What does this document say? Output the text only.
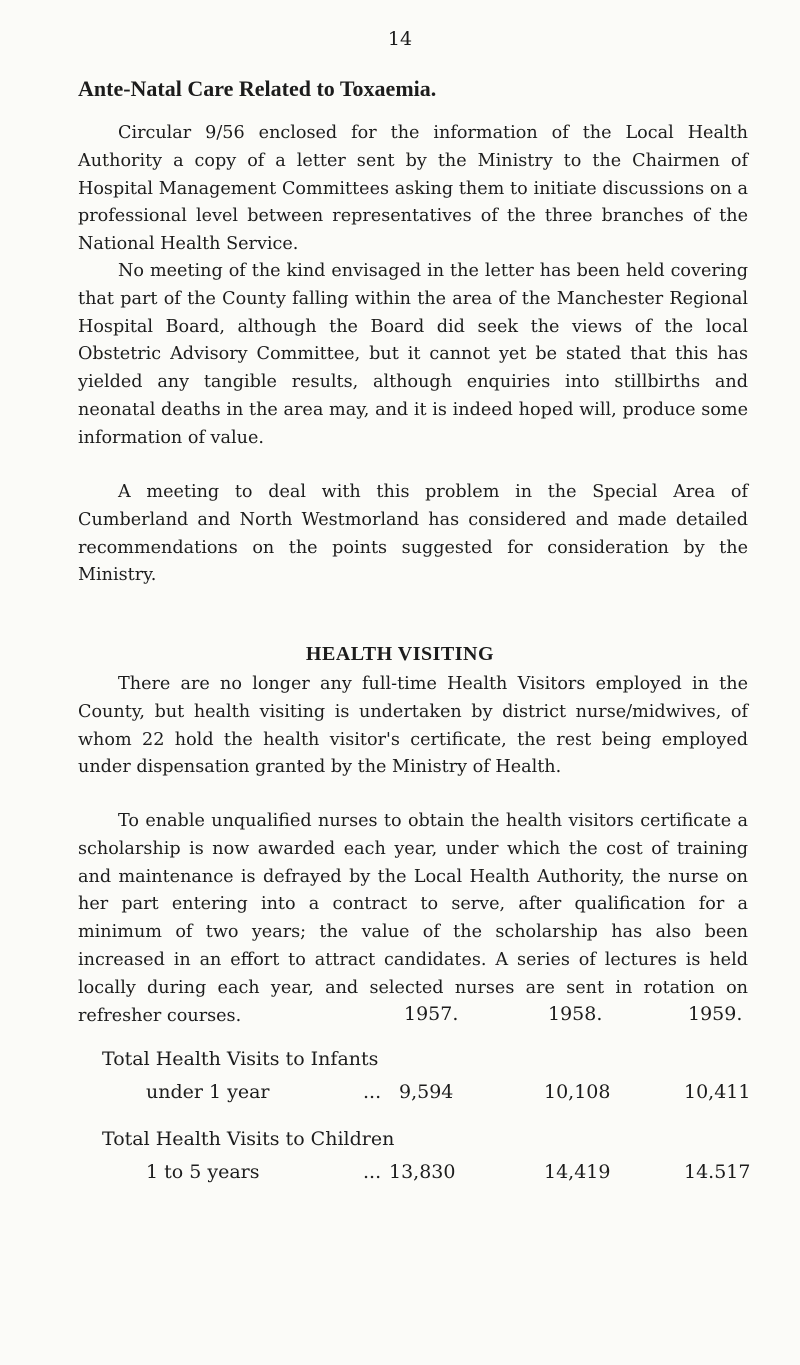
14
Ante-Natal Care Related to Toxaemia.

Circular 9/56 enclosed for the information of the Local Health Authority a copy of a letter sent by the Ministry to the Chairmen of Hospital Management Committees asking them to initiate discussions on a professional level between representatives of the three branches of the National Health Service.

No meeting of the kind envisaged in the letter has been held covering that part of the County falling within the area of the Manchester Regional Hospital Board, although the Board did seek the views of the local Obstetric Advisory Committee, but it cannot yet be stated that this has yielded any tangible results, although enquiries into stillbirths and neonatal deaths in the area may, and it is indeed hoped will, produce some information of value.

A meeting to deal with this problem in the Special Area of Cumberland and North Westmorland has considered and made detailed recommendations on the points suggested for consideration by the Ministry.

HEALTH VISITING

There are no longer any full-time Health Visitors employed in the County, but health visiting is undertaken by district nurse/midwives, of whom 22 hold the health visitor's certificate, the rest being employed under dispensation granted by the Ministry of Health.

To enable unqualified nurses to obtain the health visitors certificate a scholarship is now awarded each year, under which the cost of training and maintenance is defrayed by the Local Health Authority, the nurse on her part entering into a contract to serve, after qualification for a minimum of two years; the value of the scholarship has also been increased in an effort to attract candidates. A series of lectures is held locally during each year, and selected nurses are sent in rotation on refresher courses.	1957.	1958.	1959.
Total Health Visits to Infants
under 1 year	... 9,594	10,108	10,411
Total Health Visits to Children
1 to 5 years	... 13,830	14,419	14.517
